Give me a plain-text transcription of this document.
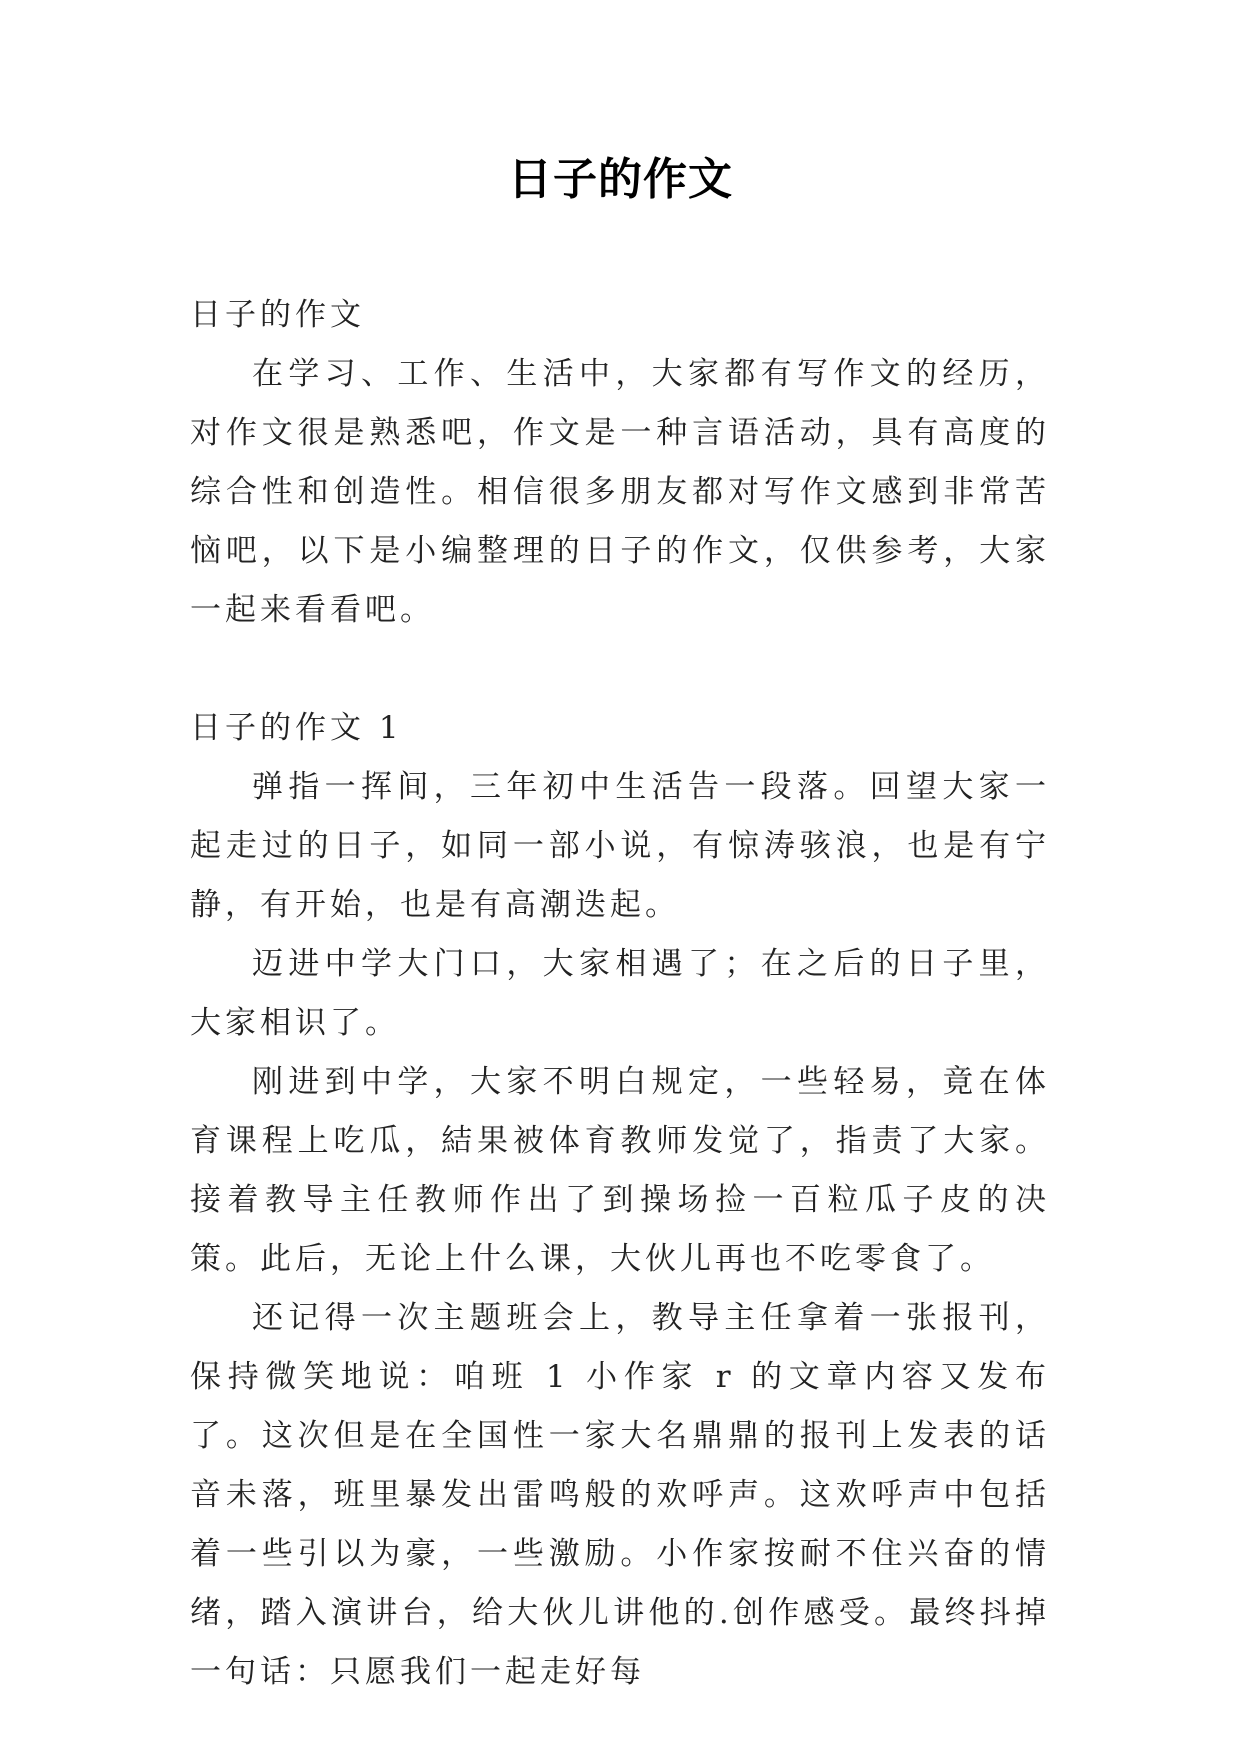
日子的作文

日子的作文

在学习、工作、生活中，大家都有写作文的经历，对作文很是熟悉吧，作文是一种言语活动，具有高度的综合性和创造性。相信很多朋友都对写作文感到非常苦恼吧，以下是小编整理的日子的作文，仅供参考，大家一起来看看吧。

日子的作文 1

弹指一挥间，三年初中生活告一段落。回望大家一起走过的日子，如同一部小说，有惊涛骇浪，也是有宁静，有开始，也是有高潮迭起。

迈进中学大门口，大家相遇了；在之后的日子里，大家相识了。

刚进到中学，大家不明白规定，一些轻易，竟在体育课程上吃瓜，結果被体育教师发觉了，指责了大家。接着教导主任教师作出了到操场捡一百粒瓜子皮的决策。此后，无论上什么课，大伙儿再也不吃零食了。

还记得一次主题班会上，教导主任拿着一张报刊，保持微笑地说：咱班 1 小作家 r 的文章内容又发布了。这次但是在全国性一家大名鼎鼎的报刊上发表的话音未落，班里暴发出雷鸣般的欢呼声。这欢呼声中包括着一些引以为豪，一些激励。小作家按耐不住兴奋的情绪，踏入演讲台，给大伙儿讲他的.创作感受。最终抖掉一句话：只愿我们一起走好每
